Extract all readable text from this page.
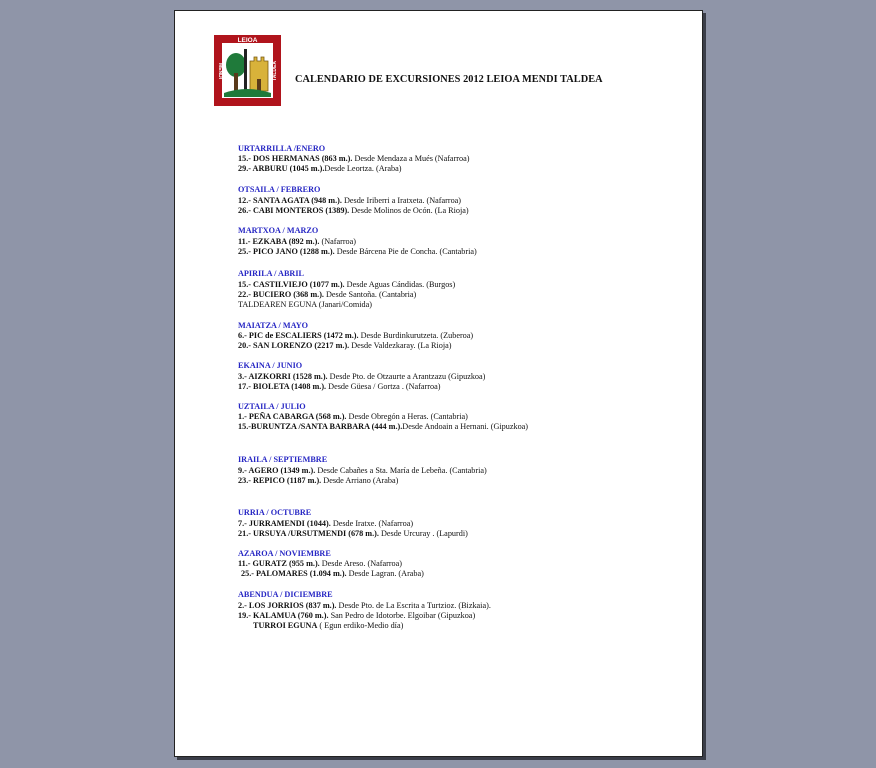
LEIOA
MENDI	TALDEA CALENDARIO DE EXCURSIONES 2012 LEIOA MENDI TALDEA
URTARRILLA /ENERO
15.- DOS HERMANAS (863 m.). Desde Mendaza a Mués (Nafarroa)
29.- ARBURU (1045 m.).Desde Leortza. (Araba)
OTSAILA / FEBRERO
12.- SANTA AGATA (948 m.). Desde Iriberri a Iratxeta. (Nafarroa)
26.- CABI MONTEROS (1389). Desde Molinos de Ocón. (La Rioja)
MARTXOA / MARZO
11.- EZKABA (892 m.). (Nafarroa)
25.- PICO JANO (1288 m.). Desde Bárcena Pie de Concha. (Cantabria)
APIRILA / ABRIL
15.- CASTILVIEJO (1077 m.). Desde Aguas Cándidas. (Burgos)
22.- BUCIERO (368 m.). Desde Santoña. (Cantabria)
TALDEAREN EGUNA (Janari/Comida)
MAIATZA / MAYO
6.- PIC de ESCALIERS (1472 m.). Desde Burdinkurutzeta. (Zuberoa)
20.- SAN LORENZO (2217 m.). Desde Valdezkaray. (La Rioja)
EKAINA / JUNIO
3.- AIZKORRI (1528 m.). Desde Pto. de Otzaurte a Arantzazu (Gipuzkoa)
17.- BIOLETA (1408 m.). Desde Güesa / Gortza . (Nafarroa)
UZTAILA / JULIO
1.- PEÑA CABARGA (568 m.). Desde Obregón a Heras. (Cantabria)
15.-BURUNTZA /SANTA BARBARA (444 m.).Desde Andoain a Hernani. (Gipuzkoa)
IRAILA / SEPTIEMBRE
9.- AGERO (1349 m.). Desde Cabañes a Sta. María de Lebeña. (Cantabria)
23.- REPICO (1187 m.). Desde Arriano (Araba)
URRIA / OCTUBRE
7.- JURRAMENDI (1044). Desde Iratxe. (Nafarroa)
21.- URSUYA /URSUTMENDI (678 m.). Desde Urcuray . (Lapurdi)
AZAROA / NOVIEMBRE
11.- GURATZ (955 m.). Desde Areso. (Nafarroa)
25.- PALOMARES (1.094 m.). Desde Lagran. (Araba)
ABENDUA / DICIEMBRE
2.- LOS JORRIOS (837 m.). Desde Pto. de La Escrita a Turtzioz. (Bizkaia).
19.- KALAMUA (760 m.). San Pedro de Idotorbe. Elgoibar (Gipuzkoa)
TURROI EGUNA ( Egun erdiko-Medio día)
